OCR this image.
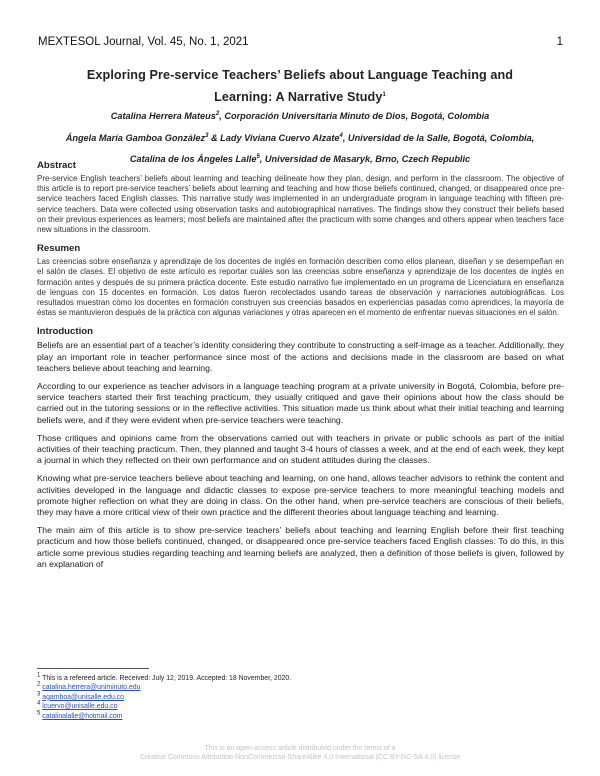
MEXTESOL Journal, Vol. 45, No. 1, 2021	1
Exploring Pre-service Teachers’ Beliefs about Language Teaching and
Learning: A Narrative Study$^1$
Catalina Herrera Mateus$^2$, Corporación Universitaria Minuto de Dios, Bogotá, Colombia
Ángela María Gamboa González$^3$ & Lady Viviana Cuervo Alzate$^4$, Universidad de la Salle, Bogotá, Colombia,
Catalina de los Ángeles Lalle$^5$, Universidad de Masaryk, Brno, Czech Republic
Abstract

Pre-service English teachers’ beliefs about learning and teaching delineate how they plan, design, and perform in the classroom. The objective of this article is to report pre-service teachers’ beliefs about learning and teaching and how those beliefs continued, changed, or disappeared once pre-service teachers faced English classes. This narrative study was implemented in an undergraduate program in language teaching with fifteen pre-service teachers. Data were collected using observation tasks and autobiographical narratives. The findings show they construct their beliefs based on their previous experiences as learners; most beliefs are maintained after the practicum with some changes and others appear when teachers face new situations in the classroom.

Resumen

Las creencias sobre enseñanza y aprendizaje de los docentes de inglés en formación describen como ellos planean, diseñan y se desempeñan en el salón de clases. El objetivo de este artículo es reportar cuáles son las creencias sobre enseñanza y aprendizaje de los docentes de inglés en formación antes y después de su primera práctica docente. Este estudio narrativo fue implementado en un programa de Licenciatura en enseñanza de lenguas con 15 docentes en formación. Los datos fueron recolectados usando tareas de observación y narraciones autobiográficas. Los resultados muestran cómo los docentes en formación construyen sus creencias basados en experiencias pasadas como aprendices, la mayoría de éstas se mantuvieron después de la práctica con algunas variaciones y otras aparecen en el momento de enfrentar nuevas situaciones en el salón.

Introduction

Beliefs are an essential part of a teacher’s identity considering they contribute to constructing a self-image as a teacher. Additionally, they play an important role in teacher performance since most of the actions and decisions made in the classroom are based on what teachers believe about teaching and learning.

According to our experience as teacher advisors in a language teaching program at a private university in Bogotá, Colombia, before pre-service teachers started their first teaching practicum, they usually critiqued and gave their opinions about how the class should be carried out in the tutoring sessions or in the reflective activities. This situation made us think about what their initial teaching and learning beliefs were, and if they were evident when pre-service teachers were teaching.

Those critiques and opinions came from the observations carried out with teachers in private or public schools as part of the initial activities of their teaching practicum. Then, they planned and taught 3-4 hours of classes a week, and at the end of each week, they kept a journal in which they reflected on their own performance and on student attitudes during the classes.

Knowing what pre-service teachers believe about teaching and learning, on one hand, allows teacher advisors to rethink the content and activities developed in the language and didactic classes to expose pre-service teachers to more meaningful teaching models and promote higher reflection on what they are doing in class. On the other hand, when pre-service teachers are conscious of their beliefs, they may have a more critical view of their own practice and the different theories about language teaching and learning.

The main aim of this article is to show pre-service teachers’ beliefs about teaching and learning English before their first teaching practicum and how those beliefs continued, changed, or disappeared once pre-service teachers faced English classes. To do this, in this article some previous studies regarding teaching and learning beliefs are analyzed, then a definition of those beliefs is given, followed by an explanation of

$^1$ This is a refereed article. Received: July 12, 2019. Accepted: 18 November, 2020.
$^2$ catalina.herrera@uniminuto.edu
$^3$ agamboa@unisalle.edu.co
$^4$ lcuervo@unisalle.edu.co
$^5$ catalinalalle@hotmail.com
This is an open-access article distributed under the terms of a
Creative Commons Attribution-NonCommercial-ShareAlike 4.0 International (CC BY-NC-SA 4.0) license
